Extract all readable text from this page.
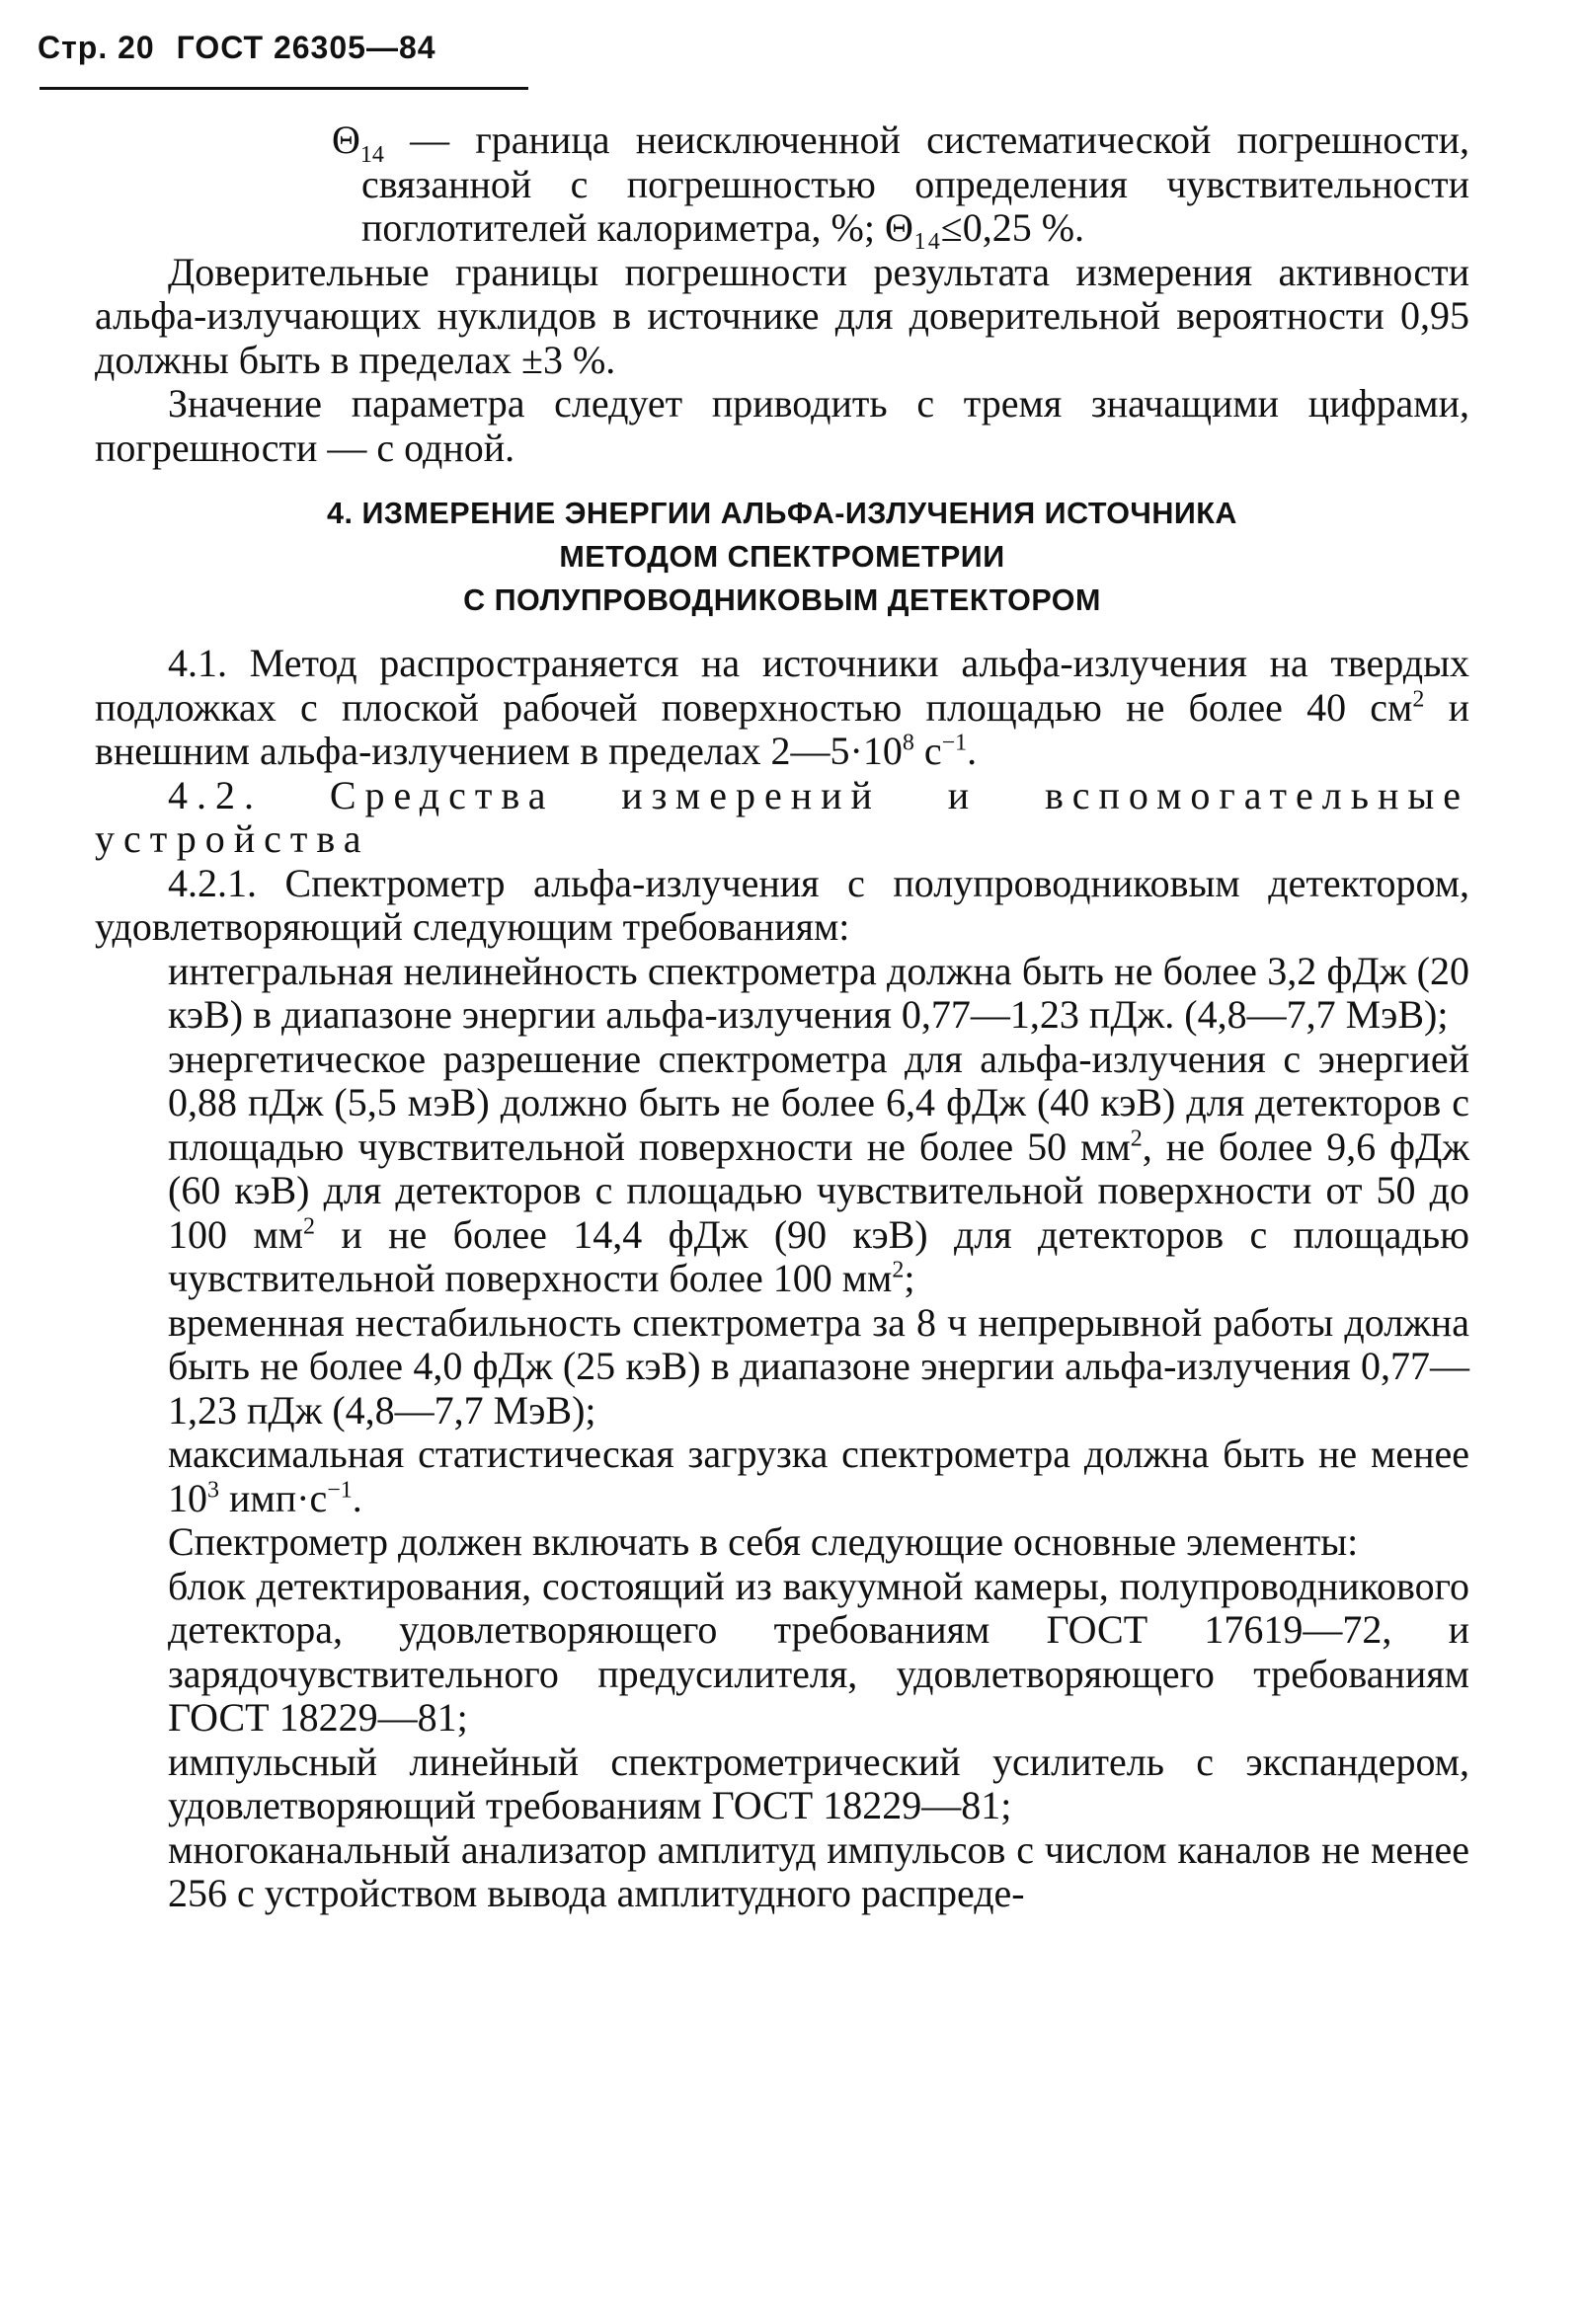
Стр. 20 ГОСТ 26305—84
$\Theta_{14}$ — граница неисключенной систематической погрешности, связанной с погрешностью определения чувствительности поглотителей калориметра, %; Θ₁₄≤0,25 %.
Доверительные границы погрешности результата измерения активности альфа-излучающих нуклидов в источнике для доверительной вероятности 0,95 должны быть в пределах ±3 %.
Значение параметра следует приводить с тремя значащими цифрами, погрешности — с одной.
4. ИЗМЕРЕНИЕ ЭНЕРГИИ АЛЬФА-ИЗЛУЧЕНИЯ ИСТОЧНИКА
МЕТОДОМ СПЕКТРОМЕТРИИ
С ПОЛУПРОВОДНИКОВЫМ ДЕТЕКТОРОМ
4.1. Метод распространяется на источники альфа-излучения на твердых подложках с плоской рабочей поверхностью площадью не более 40 $см^2$ и внешним альфа-излучением в пределах $2—5\cdot 10^8$ $с^{-1}$.
4.2. Средства измерений и вспомогательные устройства
4.2.1. Спектрометр альфа-излучения с полупроводниковым детектором, удовлетворяющий следующим требованиям:
интегральная нелинейность спектрометра должна быть не более 3,2 фДж (20 кэВ) в диапазоне энергии альфа-излучения 0,77—1,23 пДж. (4,8—7,7 МэВ);
энергетическое разрешение спектрометра для альфа-излучения с энергией 0,88 пДж (5,5 мэВ) должно быть не более 6,4 фДж (40 кэВ) для детекторов с площадью чувствительной поверхности не более 50 $мм^2$, не более 9,6 фДж (60 кэВ) для детекторов с площадью чувствительной поверхности от 50 до 100 $мм^2$ и не более 14,4 фДж (90 кэВ) для детекторов с площадью чувствительной поверхности более 100 $мм^2$;
временная нестабильность спектрометра за 8 ч непрерывной работы должна быть не более 4,0 фДж (25 кэВ) в диапазоне энергии альфа-излучения 0,77—1,23 пДж (4,8—7,7 МэВ);
максимальная статистическая загрузка спектрометра должна быть не менее $10^3$ $имп\cdot с^{-1}$.
Спектрометр должен включать в себя следующие основные элементы:
блок детектирования, состоящий из вакуумной камеры, полупроводникового детектора, удовлетворяющего требованиям ГОСТ 17619—72, и зарядочувствительного предусилителя, удовлетворяющего требованиям ГОСТ 18229—81;
импульсный линейный спектрометрический усилитель с экспандером, удовлетворяющий требованиям ГОСТ 18229—81;
многоканальный анализатор амплитуд импульсов с числом каналов не менее 256 с устройством вывода амплитудного распреде-
